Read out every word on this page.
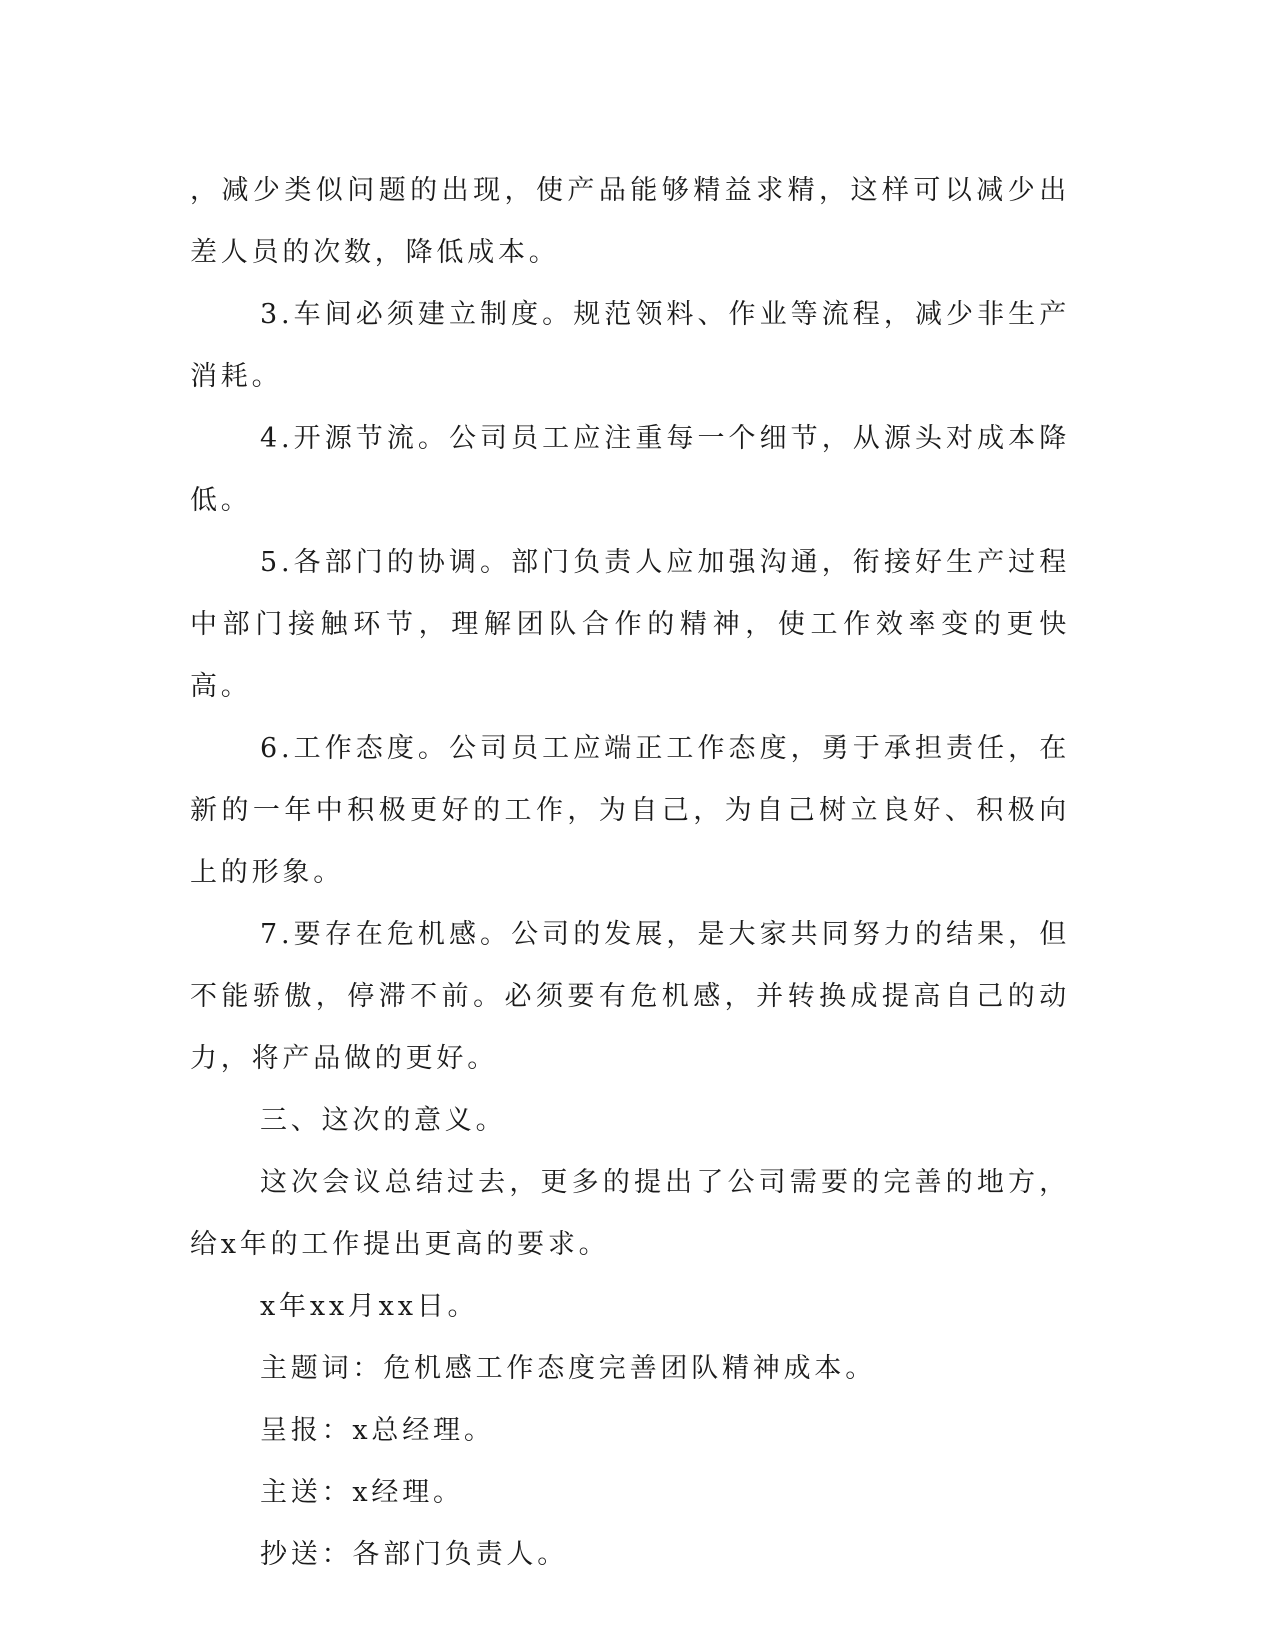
，减少类似问题的出现，使产品能够精益求精，这样可以减少出差人员的次数，降低成本。

3.车间必须建立制度。规范领料、作业等流程，减少非生产消耗。

4.开源节流。公司员工应注重每一个细节，从源头对成本降低。

5.各部门的协调。部门负责人应加强沟通，衔接好生产过程中部门接触环节，理解团队合作的精神，使工作效率变的更快高。

6.工作态度。公司员工应端正工作态度，勇于承担责任，在新的一年中积极更好的工作，为自己，为自己树立良好、积极向上的形象。

7.要存在危机感。公司的发展，是大家共同努力的结果，但不能骄傲，停滞不前。必须要有危机感，并转换成提高自己的动力，将产品做的更好。

三、这次的意义。

这次会议总结过去，更多的提出了公司需要的完善的地方，给x年的工作提出更高的要求。

x年xx月xx日。

主题词：危机感工作态度完善团队精神成本。

呈报：x总经理。

主送：x经理。

抄送：各部门负责人。
